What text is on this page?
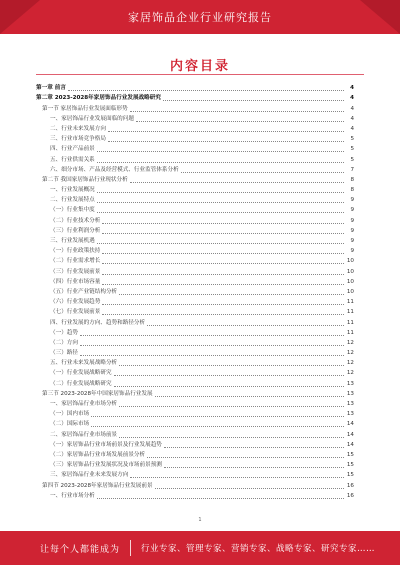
家居饰品企业行业研究报告
内容目录
第一章 前言	4
第二章 2023-2028年家居饰品行业发展战略研究	4
第一节 家居饰品行业发展面临形势	4
一、家居饰品行业发展面临的问题	4
二、行业未来发展方向	4
三、行业市场竞争格局	5
四、行业产品前景	5
五、行业供需关系	5
六、细分市场、产品及经营模式、行业监管体系分析	7
第二节 我国家居饰品行业现状分析	8
一、行业发展概况	8
二、行业发展特点	9
（一）行业集中度	9
（二）行业技术分析	9
（三）行业利润分析	9
三、行业发展机遇	9
（一）行业政策扶持	9
（二）行业需求增长	10
（三）行业发展前景	10
（四）行业市场容量	10
（五）行业产业链结构分析	10
（六）行业发展趋势	11
（七）行业发展前景	11
四、行业发展的方向、趋势和路径分析	11
（一）趋势	11
（二）方向	12
（三）路径	12
五、行业未来发展战略分析	12
（一）行业发展战略研究	12
（二）行业发展战略研究	13
第三节 2023-2028年中国家居饰品行业发展	13
一、家居饰品行业市场分析	13
（一）国内市场	13
（二）国际市场	14
二、家居饰品行业市场前景	14
（一）家居饰品行业市场前景及行业发展趋势	14
（二）家居饰品行业市场发展前景分析	15
（三）家居饰品行业发展状况及市场前景预测	15
三、家居饰品行业未来发展方向	15
第四节 2023-2028年家居饰品行业发展前景	16
一、行业市场分析	16
1
让每个人都能成为 行业专家、管理专家、营销专家、战略专家、研究专家……
